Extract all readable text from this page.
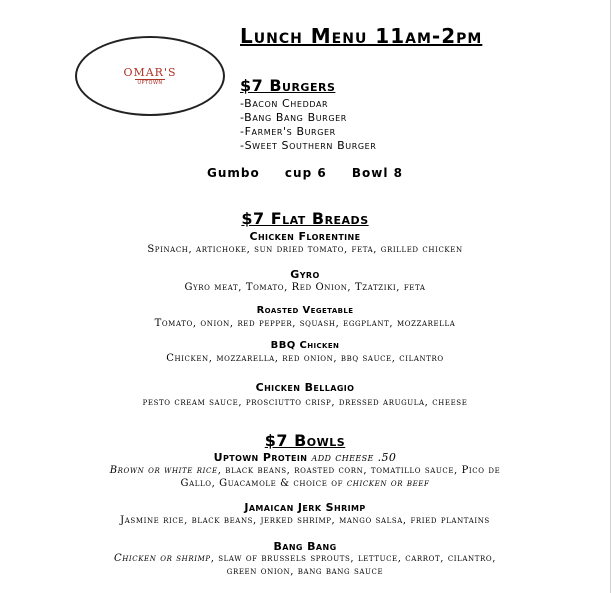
OMAR'S
UPTOWN
Lunch Menu 11am-2pm
$7 Burgers
-Bacon Cheddar
-Bang Bang Burger
-Farmer's Burger
-Sweet Southern Burger
Gumbo cup 6 Bowl 8
$7 Flat Breads
Chicken Florentine
Spinach, artichoke, sun dried tomato, feta, grilled chicken
Gyro
Gyro meat, Tomato, Red Onion, Tzatziki, feta
Roasted Vegetable
Tomato, onion, red pepper, squash, eggplant, mozzarella
BBQ Chicken
Chicken, mozzarella, red onion, bbq sauce, cilantro
Chicken Bellagio
pesto cream sauce, prosciutto crisp, dressed arugula, cheese
$7 Bowls
Uptown Protein add cheese .50
Brown or white rice, black beans, roasted corn, tomatillo sauce, Pico de
Gallo, Guacamole & choice of chicken or beef
Jamaican Jerk Shrimp
Jasmine rice, black beans, jerked shrimp, mango salsa, fried plantains
Bang Bang
Chicken or shrimp, slaw of brussels sprouts, lettuce, carrot, cilantro,
green onion, bang bang sauce
